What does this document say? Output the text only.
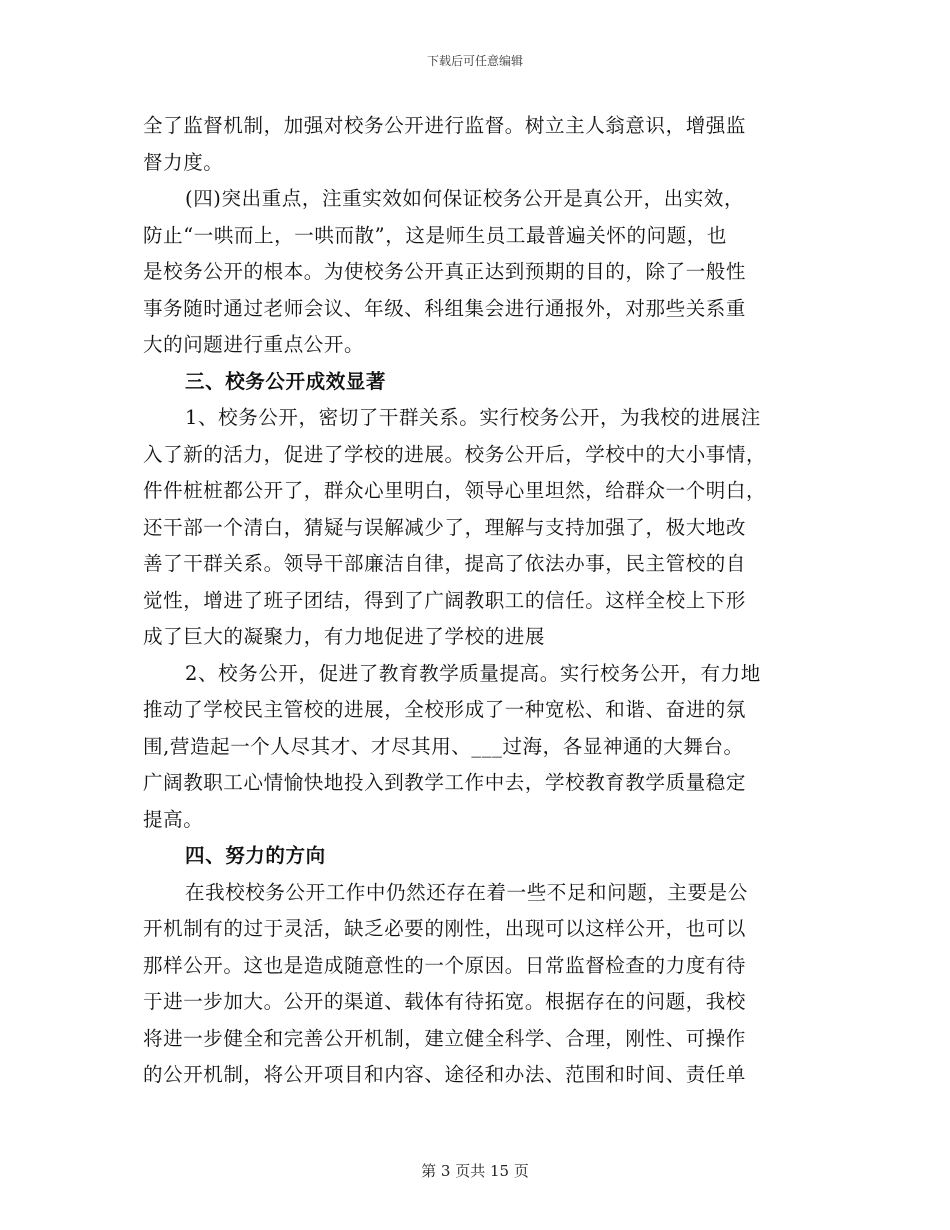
下载后可任意编辑
全了监督机制，加强对校务公开进行监督。树立主人翁意识，增强监
督力度。
(四)突出重点，注重实效如何保证校务公开是真公开，出实效，
防止“一哄而上，一哄而散”，这是师生员工最普遍关怀的问题，也
是校务公开的根本。为使校务公开真正达到预期的目的，除了一般性
事务随时通过老师会议、年级、科组集会进行通报外，对那些关系重
大的问题进行重点公开。
三、校务公开成效显著
1、校务公开，密切了干群关系。实行校务公开，为我校的进展注
入了新的活力，促进了学校的进展。校务公开后，学校中的大小事情，
件件桩桩都公开了，群众心里明白，领导心里坦然，给群众一个明白，
还干部一个清白，猜疑与误解减少了，理解与支持加强了，极大地改
善了干群关系。领导干部廉洁自律，提高了依法办事，民主管校的自
觉性，增进了班子团结，得到了广阔教职工的信任。这样全校上下形
成了巨大的凝聚力，有力地促进了学校的进展
2、校务公开，促进了教育教学质量提高。实行校务公开，有力地
推动了学校民主管校的进展，全校形成了一种宽松、和谐、奋进的氛
围,营造起一个人尽其才、才尽其用、___过海，各显神通的大舞台。
广阔教职工心情愉快地投入到教学工作中去，学校教育教学质量稳定
提高。
四、努力的方向
在我校校务公开工作中仍然还存在着一些不足和问题，主要是公
开机制有的过于灵活，缺乏必要的刚性，出现可以这样公开，也可以
那样公开。这也是造成随意性的一个原因。日常监督检查的力度有待
于进一步加大。公开的渠道、载体有待拓宽。根据存在的问题，我校
将进一步健全和完善公开机制，建立健全科学、合理，刚性、可操作
的公开机制，将公开项目和内容、途径和办法、范围和时间、责任单
第 3 页共 15 页
